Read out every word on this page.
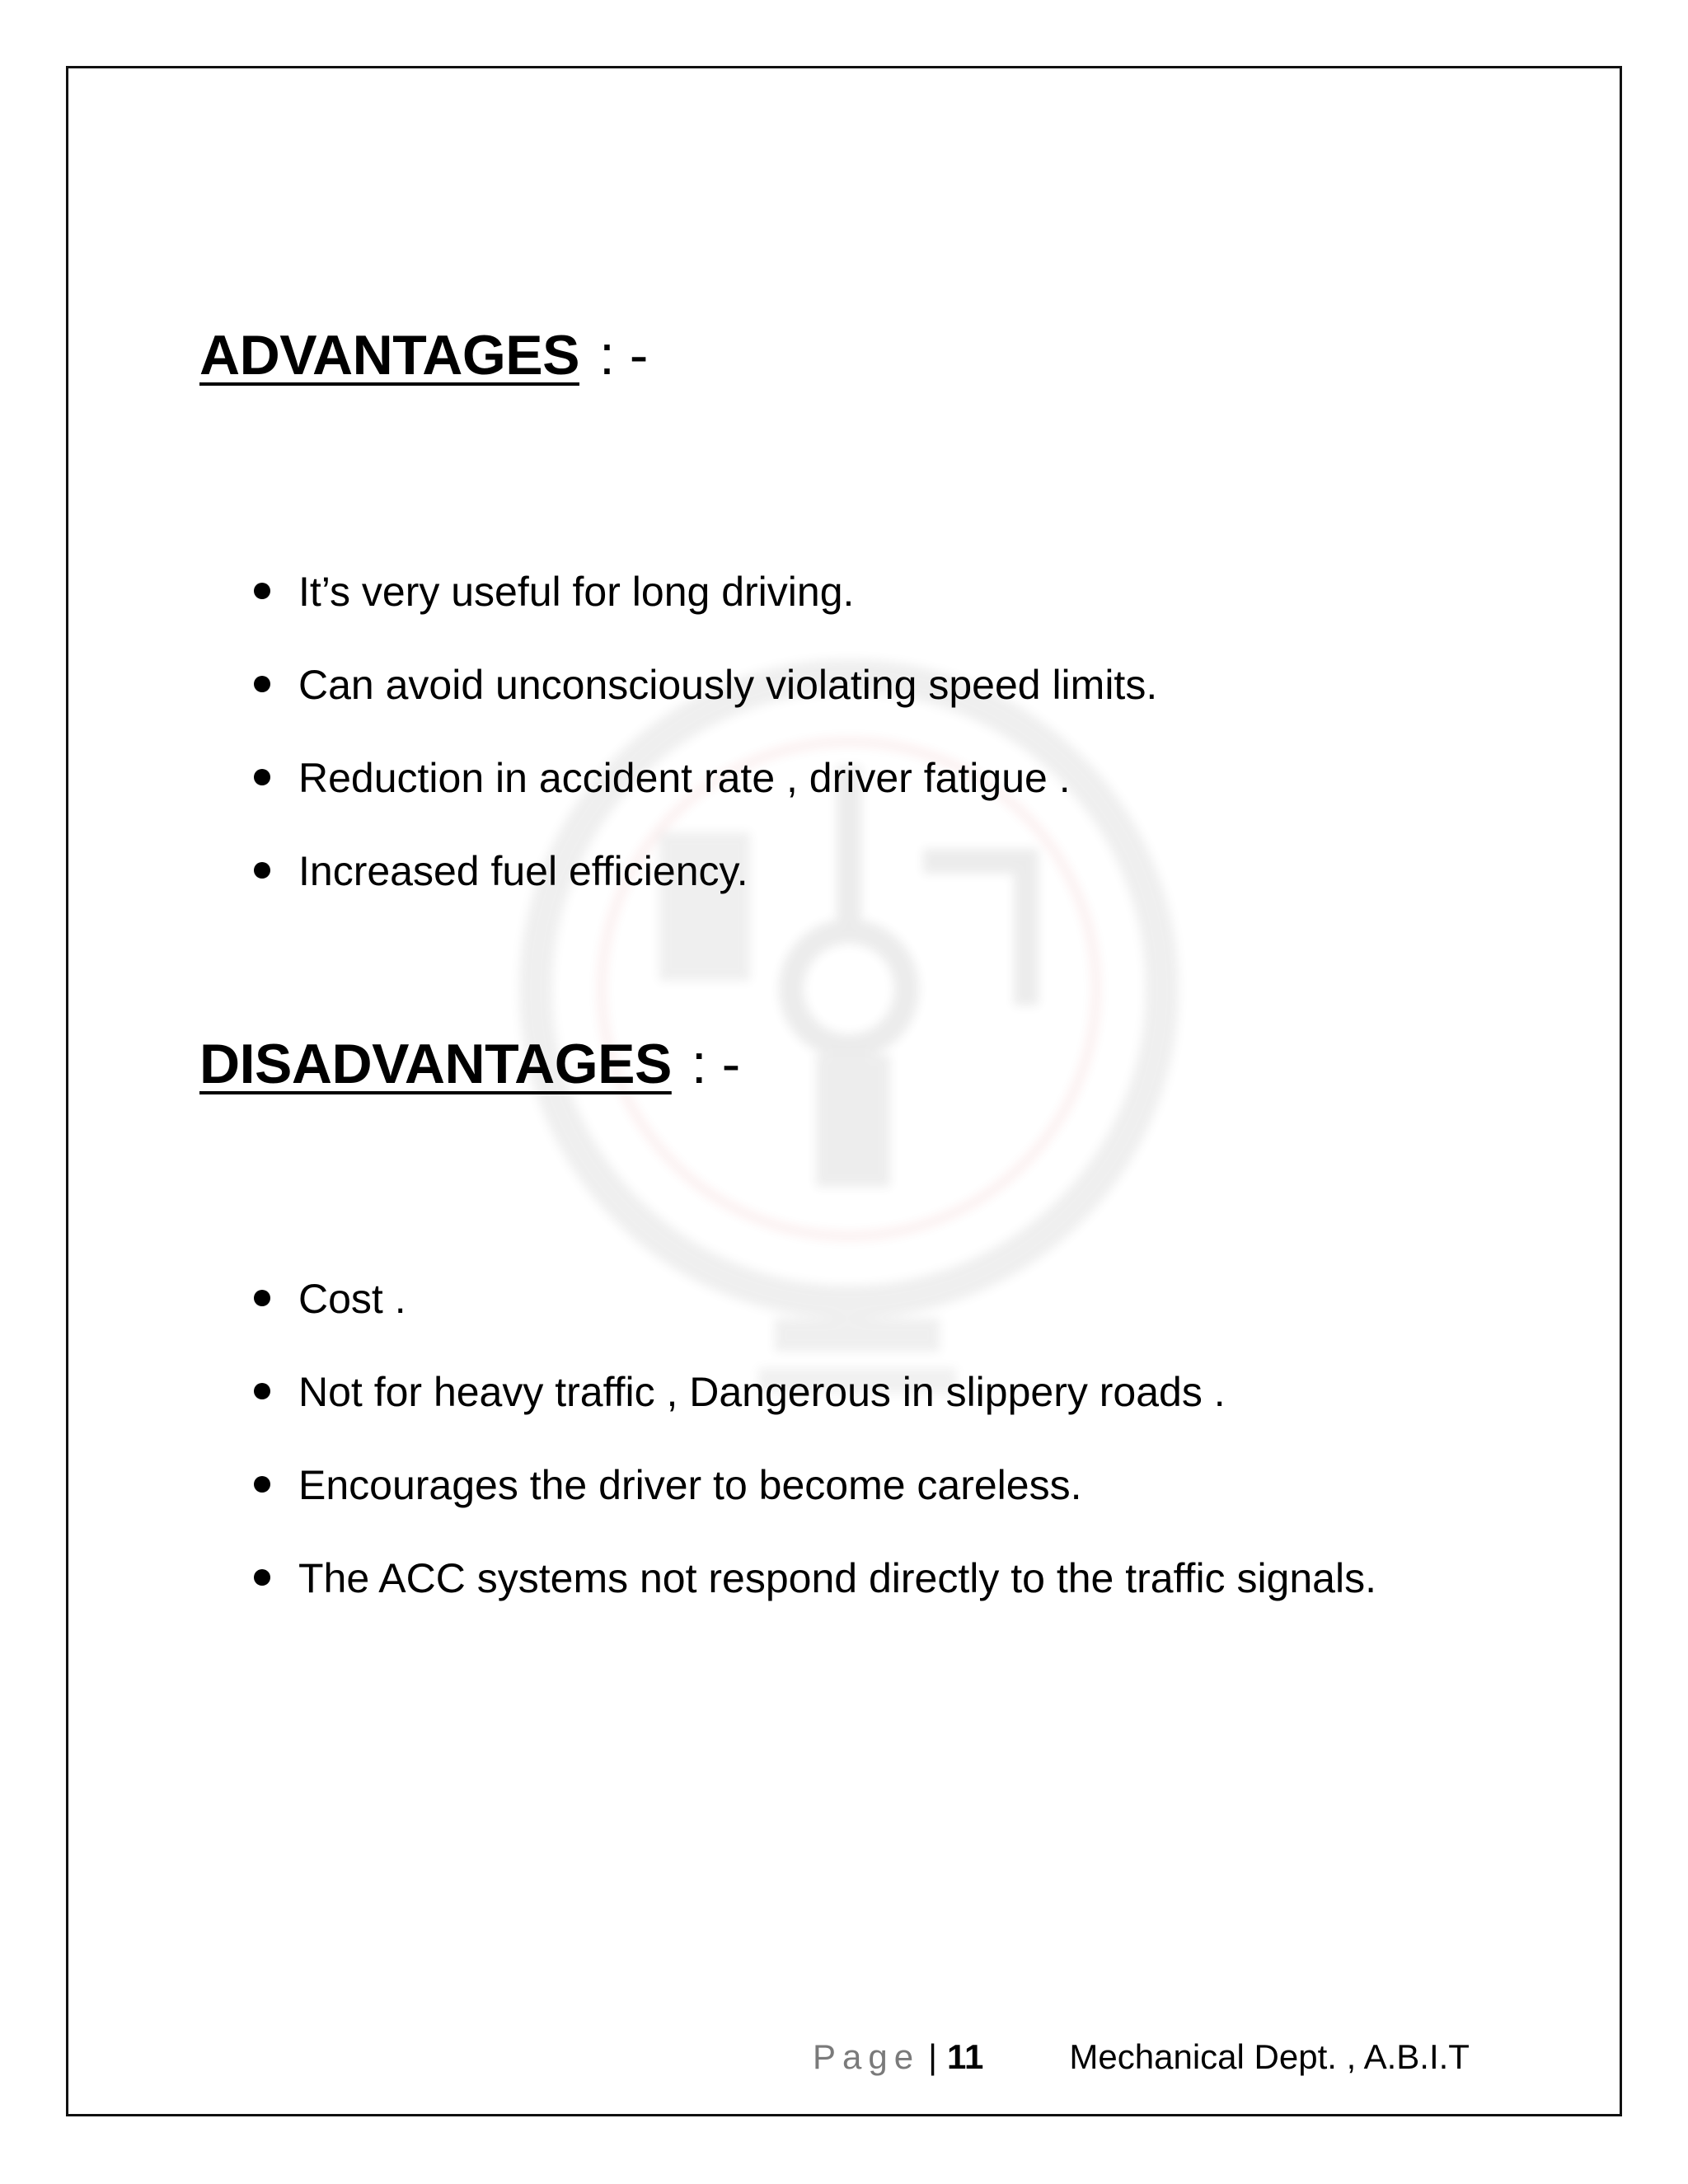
ADVANTAGES : -
It’s very useful for long driving.
Can avoid unconsciously violating speed limits.
Reduction in accident rate , driver fatigue .
Increased fuel efficiency.
DISADVANTAGES : -
Cost .
Not for heavy traffic , Dangerous in slippery roads .
Encourages the driver to become careless.
The ACC systems not respond directly to the traffic signals.
Page | 11 Mechanical Dept. , A.B.I.T
